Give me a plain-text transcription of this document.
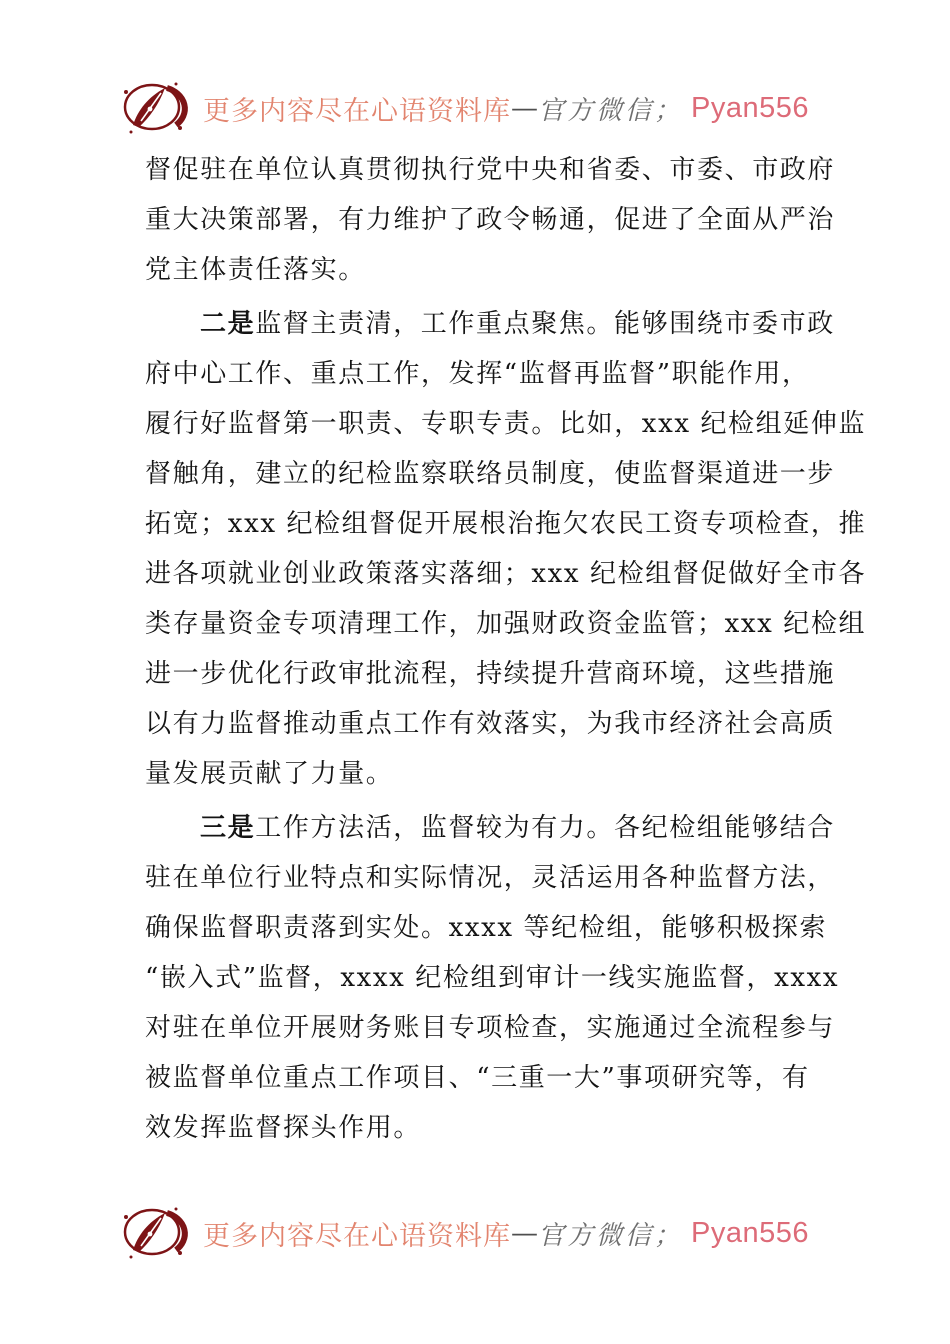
更多内容尽在心语资料库 — 官方微信； Pyan556
督促驻在单位认真贯彻执行党中央和省委、市委、市政府
重大决策部署，有力维护了政令畅通，促进了全面从严治
党主体责任落实。
二是监督主责清，工作重点聚焦。能够围绕市委市政
府中心工作、重点工作，发挥“监督再监督”职能作用，
履行好监督第一职责、专职专责。比如，xxx 纪检组延伸监
督触角，建立的纪检监察联络员制度，使监督渠道进一步
拓宽；xxx 纪检组督促开展根治拖欠农民工资专项检查，推
进各项就业创业政策落实落细；xxx 纪检组督促做好全市各
类存量资金专项清理工作，加强财政资金监管；xxx 纪检组
进一步优化行政审批流程，持续提升营商环境，这些措施
以有力监督推动重点工作有效落实，为我市经济社会高质
量发展贡献了力量。
三是工作方法活，监督较为有力。各纪检组能够结合
驻在单位行业特点和实际情况，灵活运用各种监督方法，
确保监督职责落到实处。xxxx 等纪检组，能够积极探索
“嵌入式”监督，xxxx 纪检组到审计一线实施监督，xxxx
对驻在单位开展财务账目专项检查，实施通过全流程参与
被监督单位重点工作项目、“三重一大”事项研究等，有
效发挥监督探头作用。
更多内容尽在心语资料库 — 官方微信； Pyan556
